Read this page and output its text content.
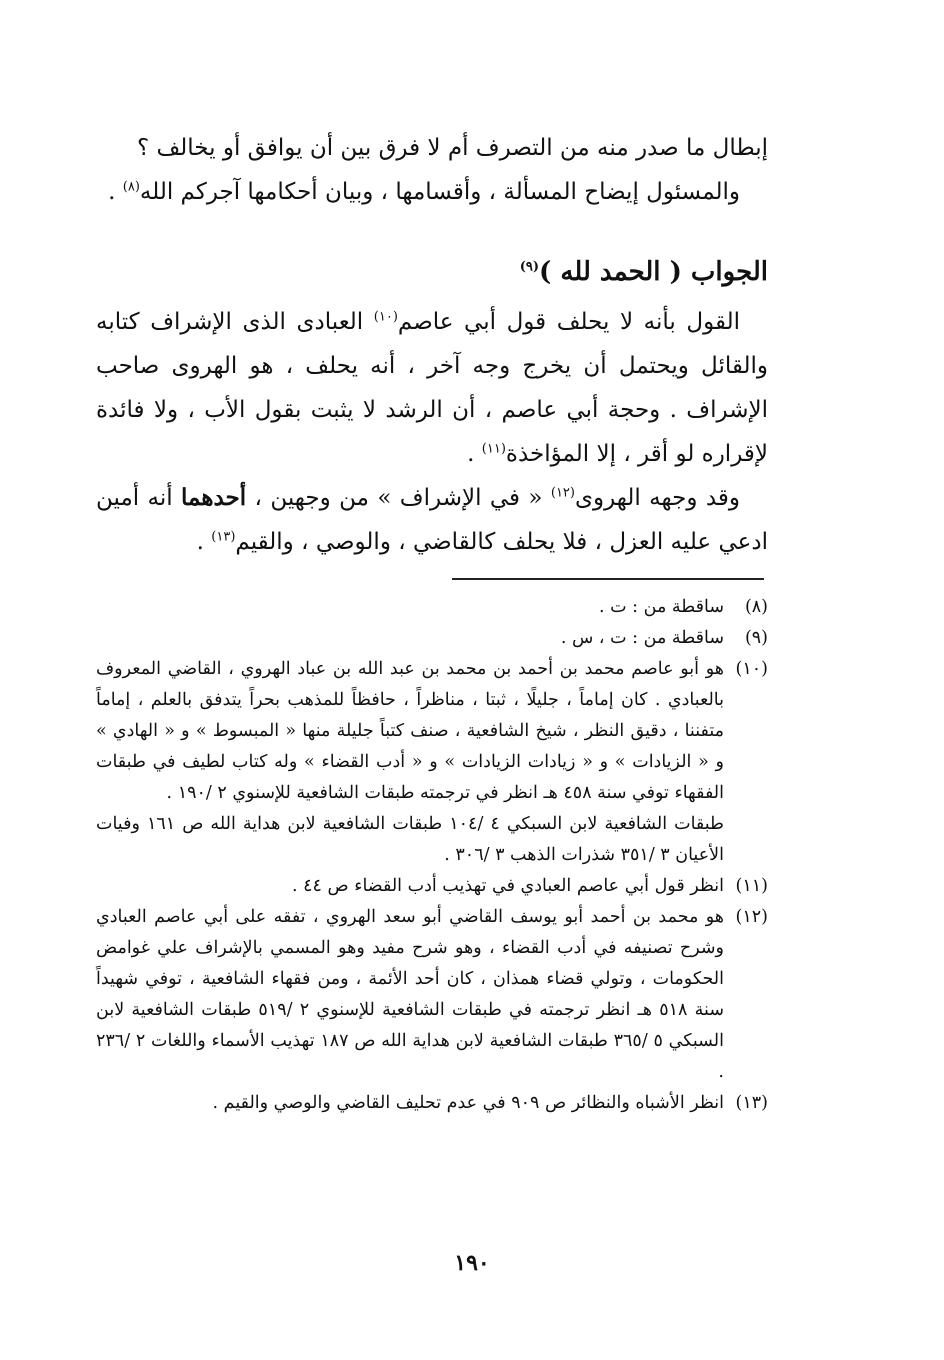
إبطال ما صدر منه من التصرف أم لا فرق بين أن يوافق أو يخالف ؟

والمسئول إيضاح المسألة ، وأقسامها ، وبيان أحكامها آجركم الله$^{(٨)}$ .

الجواب ( الحمد لله )$^{(٩)}$

القول بأنه لا يحلف قول أبي عاصم$^{(١٠)}$ العبادى الذى الإشراف كتابه والقائل ويحتمل أن يخرج وجه آخر ، أنه يحلف ، هو الهروى صاحب الإشراف . وحجة أبي عاصم ، أن الرشد لا يثبت بقول الأب ، ولا فائدة لإقراره لو أقر ، إلا المؤاخذة$^{(١١)}$ .

وقد وجهه الهروى$^{(١٢)}$ « في الإشراف » من وجهين ، أحدهما أنه أمين ادعي عليه العزل ، فلا يحلف كالقاضي ، والوصي ، والقيم$^{(١٣)}$ .

(٨)
ساقطة من : ت .
(٩)
ساقطة من : ت ، س .
(١٠)
هو أبو عاصم محمد بن أحمد بن محمد بن عبد الله بن عباد الهروي ، القاضي المعروف بالعبادي . كان إماماً ، جليلًا ، ثبتا ، مناظراً ، حافظاً للمذهب بحراً يتدفق بالعلم ، إماماً متفننا ، دقيق النظر ، شيخ الشافعية ، صنف كتباً جليلة منها « المبسوط » و « الهادي » و « الزيادات » و « زيادات الزيادات » و « أدب القضاء » وله كتاب لطيف في طبقات الفقهاء توفي سنة ٤٥٨ هـ انظر في ترجمته طبقات الشافعية للإسنوي ٢ /١٩٠ .
طبقات الشافعية لابن السبكي ٤ /١٠٤ طبقات الشافعية لابن هداية الله ص ١٦١ وفيات الأعيان ٣ /٣٥١ شذرات الذهب ٣ /٣٠٦ .
(١١)
انظر قول أبي عاصم العبادي في تهذيب أدب القضاء ص ٤٤ .
(١٢)
هو محمد بن أحمد أبو يوسف القاضي أبو سعد الهروي ، تفقه على أبي عاصم العبادي وشرح تصنيفه في أدب القضاء ، وهو شرح مفيد وهو المسمي بالإشراف علي غوامض الحكومات ، وتولي قضاء همذان ، كان أحد الأئمة ، ومن فقهاء الشافعية ، توفي شهيداً سنة ٥١٨ هـ انظر ترجمته في طبقات الشافعية للإسنوي ٢ /٥١٩ طبقات الشافعية لابن السبكي ٥ /٣٦٥ طبقات الشافعية لابن هداية الله ص ١٨٧ تهذيب الأسماء واللغات ٢ /٢٣٦ .
(١٣)
انظر الأشباه والنظائر ص ٩٠٩ في عدم تحليف القاضي والوصي والقيم .
١٩٠
